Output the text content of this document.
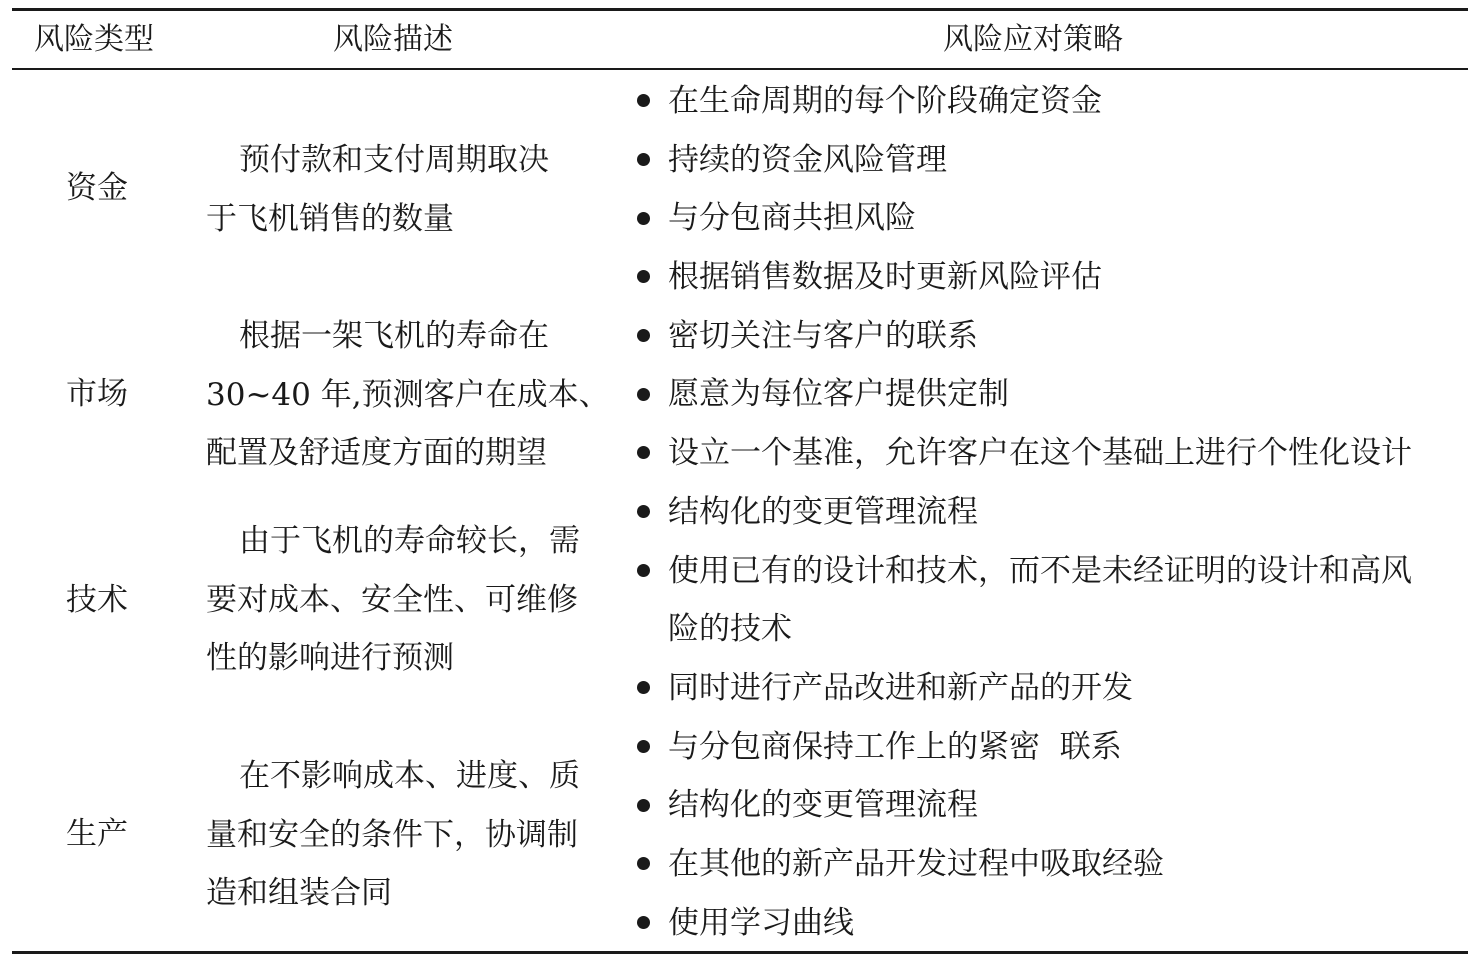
风险类型	风险描述	风险应对策略
资金
市场
技术
生产
预付款和支付周期取决
于飞机销售的数量
根据一架飞机的寿命在
30~40 年,预测客户在成本、
配置及舒适度方面的期望
由于飞机的寿命较长，需
要对成本、安全性、可维修
性的影响进行预测
在不影响成本、进度、质
量和安全的条件下，协调制
造和组装合同
在生命周期的每个阶段确定资金
持续的资金风险管理
与分包商共担风险
根据销售数据及时更新风险评估
密切关注与客户的联系
愿意为每位客户提供定制
设立一个基准，允许客户在这个基础上进行个性化设计
结构化的变更管理流程
使用已有的设计和技术，而不是未经证明的设计和高风
险的技术
同时进行产品改进和新产品的开发
与分包商保持工作上的紧密  联系
结构化的变更管理流程
在其他的新产品开发过程中吸取经验
使用学习曲线
